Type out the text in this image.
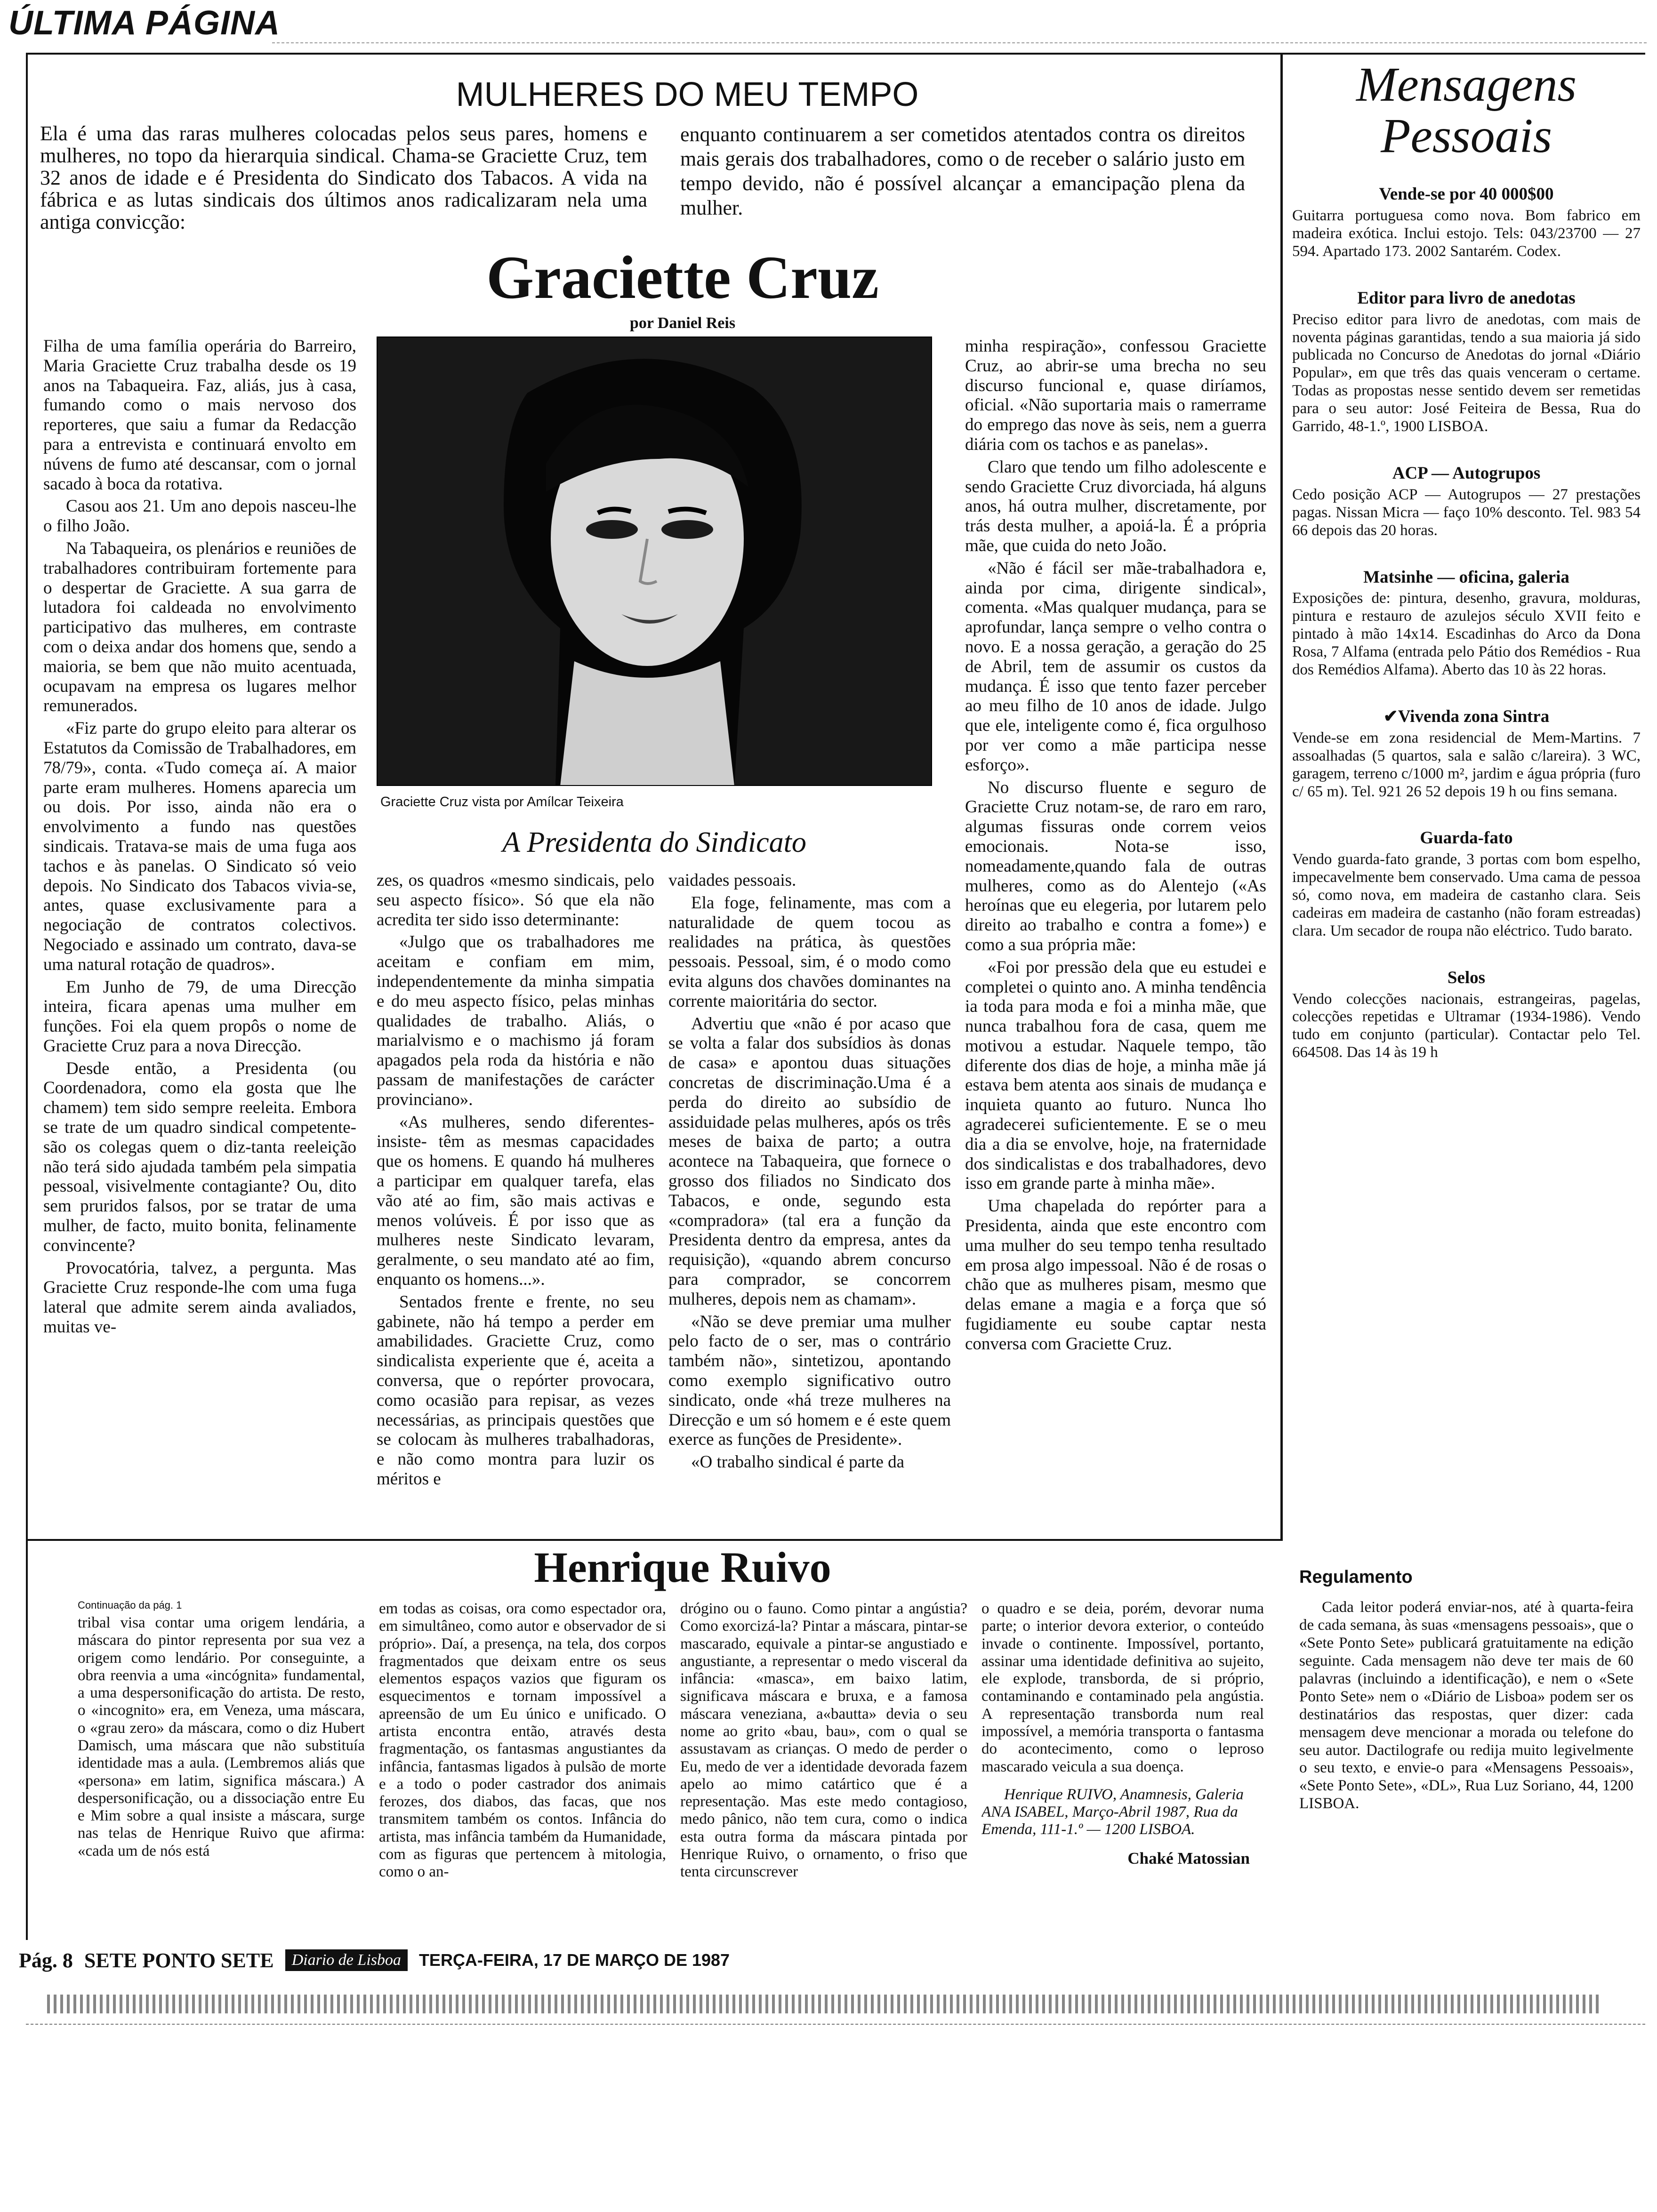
ÚLTIMA PÁGINA
MULHERES DO MEU TEMPO
Ela é uma das raras mulheres colocadas pelos seus pares, homens e mulheres, no topo da hierarquia sindical. Chama-se Graciette Cruz, tem 32 anos de idade e é Presidenta do Sindicato dos Tabacos. A vida na fábrica e as lutas sindicais dos últimos anos radicalizaram nela uma antiga convicção:
enquanto continuarem a ser cometidos atentados contra os direitos mais gerais dos trabalhadores, como o de receber o salário justo em tempo devido, não é possível alcançar a emancipação plena da mulher.
Graciette Cruz
por Daniel Reis
Graciette Cruz vista por Amílcar Teixeira
A Presidenta do Sindicato

Filha de uma família operária do Barreiro, Maria Graciette Cruz trabalha desde os 19 anos na Tabaqueira. Faz, aliás, jus à casa, fumando como o mais nervoso dos reporteres, que saiu a fumar da Redacção para a entrevista e continuará envolto em núvens de fumo até descansar, com o jornal sacado à boca da rotativa.

Casou aos 21. Um ano depois nasceu-lhe o filho João.

Na Tabaqueira, os plenários e reuniões de trabalhadores contribuiram fortemente para o despertar de Graciette. A sua garra de lutadora foi caldeada no envolvimento participativo das mulheres, em contraste com o deixa andar dos homens que, sendo a maioria, se bem que não muito acentuada, ocupavam na empresa os lugares melhor remunerados.

«Fiz parte do grupo eleito para alterar os Estatutos da Comissão de Trabalhadores, em 78/79», conta. «Tudo começa aí. A maior parte eram mulheres. Homens aparecia um ou dois. Por isso, ainda não era o envolvimento a fundo nas questões sindicais. Tratava-se mais de uma fuga aos tachos e às panelas. O Sindicato só veio depois. No Sindicato dos Tabacos vivia-se, antes, quase exclusivamente para a negociação de contratos colectivos. Negociado e assinado um contrato, dava-se uma natural rotação de quadros».

Em Junho de 79, de uma Direcção inteira, ficara apenas uma mulher em funções. Foi ela quem propôs o nome de Graciette Cruz para a nova Direcção.

Desde então, a Presidenta (ou Coordenadora, como ela gosta que lhe chamem) tem sido sempre reeleita. Embora se trate de um quadro sindical competente-são os colegas quem o diz-tanta reeleição não terá sido ajudada também pela simpatia pessoal, visivelmente contagiante? Ou, dito sem pruridos falsos, por se tratar de uma mulher, de facto, muito bonita, felinamente convincente?

Provocatória, talvez, a pergunta. Mas Graciette Cruz responde-lhe com uma fuga lateral que admite serem ainda avaliados, muitas ve-

zes, os quadros «mesmo sindicais, pelo seu aspecto físico». Só que ela não acredita ter sido isso determinante:

«Julgo que os trabalhadores me aceitam e confiam em mim, independentemente da minha simpatia e do meu aspecto físico, pelas minhas qualidades de trabalho. Aliás, o marialvismo e o machismo já foram apagados pela roda da história e não passam de manifestações de carácter provinciano».

«As mulheres, sendo diferentes-insiste- têm as mesmas capacidades que os homens. E quando há mulheres a participar em qualquer tarefa, elas vão até ao fim, são mais activas e menos volúveis. É por isso que as mulheres neste Sindicato levaram, geralmente, o seu mandato até ao fim, enquanto os homens...».

Sentados frente e frente, no seu gabinete, não há tempo a perder em amabilidades. Graciette Cruz, como sindicalista experiente que é, aceita a conversa, que o repórter provocara, como ocasião para repisar, as vezes necessárias, as principais questões que se colocam às mulheres trabalhadoras, e não como montra para luzir os méritos e

vaidades pessoais.

Ela foge, felinamente, mas com a naturalidade de quem tocou as realidades na prática, às questões pessoais. Pessoal, sim, é o modo como evita alguns dos chavões dominantes na corrente maioritária do sector.

Advertiu que «não é por acaso que se volta a falar dos subsídios às donas de casa» e apontou duas situações concretas de discriminação.Uma é a perda do direito ao subsídio de assiduidade pelas mulheres, após os três meses de baixa de parto; a outra acontece na Tabaqueira, que fornece o grosso dos filiados no Sindicato dos Tabacos, e onde, segundo esta «compradora» (tal era a função da Presidenta dentro da empresa, antes da requisição), «quando abrem concurso para comprador, se concorrem mulheres, depois nem as chamam».

«Não se deve premiar uma mulher pelo facto de o ser, mas o contrário também não», sintetizou, apontando como exemplo significativo outro sindicato, onde «há treze mulheres na Direcção e um só homem e é este quem exerce as funções de Presidente».

«O trabalho sindical é parte da

minha respiração», confessou Graciette Cruz, ao abrir-se uma brecha no seu discurso funcional e, quase diríamos, oficial. «Não suportaria mais o ramerrame do emprego das nove às seis, nem a guerra diária com os tachos e as panelas».

Claro que tendo um filho adolescente e sendo Graciette Cruz divorciada, há alguns anos, há outra mulher, discretamente, por trás desta mulher, a apoiá-la. É a própria mãe, que cuida do neto João.

«Não é fácil ser mãe-trabalhadora e, ainda por cima, dirigente sindical», comenta. «Mas qualquer mudança, para se aprofundar, lança sempre o velho contra o novo. E a nossa geração, a geração do 25 de Abril, tem de assumir os custos da mudança. É isso que tento fazer perceber ao meu filho de 10 anos de idade. Julgo que ele, inteligente como é, fica orgulhoso por ver como a mãe participa nesse esforço».

No discurso fluente e seguro de Graciette Cruz notam-se, de raro em raro, algumas fissuras onde correm veios emocionais. Nota-se isso, nomeadamente,quando fala de outras mulheres, como as do Alentejo («As heroínas que eu elegeria, por lutarem pelo direito ao trabalho e contra a fome») e como a sua própria mãe:

«Foi por pressão dela que eu estudei e completei o quinto ano. A minha tendência ia toda para moda e foi a minha mãe, que nunca trabalhou fora de casa, quem me motivou a estudar. Naquele tempo, tão diferente dos dias de hoje, a minha mãe já estava bem atenta aos sinais de mudança e inquieta quanto ao futuro. Nunca lho agradecerei suficientemente. E se o meu dia a dia se envolve, hoje, na fraternidade dos sindicalistas e dos trabalhadores, devo isso em grande parte à minha mãe».

Uma chapelada do repórter para a Presidenta, ainda que este encontro com uma mulher do seu tempo tenha resultado em prosa algo impessoal. Não é de rosas o chão que as mulheres pisam, mesmo que delas emane a magia e a força que só fugidiamente eu soube captar nesta conversa com Graciette Cruz.

Mensagens
Pessoais
Vende-se por 40 000$00
Guitarra portuguesa como nova. Bom fabrico em madeira exótica. Inclui estojo. Tels: 043/23700 — 27 594. Apartado 173. 2002 Santarém. Codex.
Editor para livro de anedotas
Preciso editor para livro de anedotas, com mais de noventa páginas garantidas, tendo a sua maioria já sido publicada no Concurso de Anedotas do jornal «Diário Popular», em que três das quais venceram o certame. Todas as propostas nesse sentido devem ser remetidas para o seu autor: José Feiteira de Bessa, Rua do Garrido, 48-1.º, 1900 LISBOA.
ACP — Autogrupos
Cedo posição ACP — Autogrupos — 27 prestações pagas. Nissan Micra — faço 10% desconto. Tel. 983 54 66 depois das 20 horas.
Matsinhe — oficina, galeria
Exposições de: pintura, desenho, gravura, molduras, pintura e restauro de azulejos século XVII feito e pintado à mão 14x14. Escadinhas do Arco da Dona Rosa, 7 Alfama (entrada pelo Pátio dos Remédios - Rua dos Remédios Alfama). Aberto das 10 às 22 horas.
✔Vivenda zona Sintra
Vende-se em zona residencial de Mem-Martins. 7 assoalhadas (5 quartos, sala e salão c/lareira). 3 WC, garagem, terreno c/1000 m², jardim e água própria (furo c/ 65 m). Tel. 921 26 52 depois 19 h ou fins semana.
Guarda-fato
Vendo guarda-fato grande, 3 portas com bom espelho, impecavelmente bem conservado. Uma cama de pessoa só, como nova, em madeira de castanho clara. Seis cadeiras em madeira de castanho (não foram estreadas) clara. Um secador de roupa não eléctrico. Tudo barato.
Selos
Vendo colecções nacionais, estrangeiras, pagelas, colecções repetidas e Ultramar (1934-1986). Vendo tudo em conjunto (particular). Contactar pelo Tel. 664508. Das 14 às 19 h
Regulamento
Cada leitor poderá enviar-nos, até à quarta-feira de cada semana, às suas «mensagens pessoais», que o «Sete Ponto Sete» publicará gratuitamente na edição seguinte. Cada mensagem não deve ter mais de 60 palavras (incluindo a identificação), e nem o «Sete Ponto Sete» nem o «Diário de Lisboa» podem ser os destinatários das respostas, quer dizer: cada mensagem deve mencionar a morada ou telefone do seu autor. Dactilografe ou redija muito legivelmente o seu texto, e envie-o para «Mensagens Pessoais», «Sete Ponto Sete», «DL», Rua Luz Soriano, 44, 1200 LISBOA.
Henrique Ruivo
Continuação da pág. 1
tribal visa contar uma origem lendária, a máscara do pintor representa por sua vez a origem como lendário. Por conseguinte, a obra reenvia a uma «incógnita» fundamental, a uma despersonificação do artista. De resto, o «incognito» era, em Veneza, uma máscara, o «grau zero» da máscara, como o diz Hubert Damisch, uma máscara que não substituía identidade mas a aula. (Lembremos aliás que «persona» em latim, significa máscara.) A despersonificação, ou a dissociação entre Eu e Mim sobre a qual insiste a máscara, surge nas telas de Henrique Ruivo que afirma: «cada um de nós está
em todas as coisas, ora como espectador ora, em simultâneo, como autor e observador de si próprio». Daí, a presença, na tela, dos corpos fragmentados que deixam entre os seus elementos espaços vazios que figuram os esquecimentos e tornam impossível a apreensão de um Eu único e unificado. O artista encontra então, através desta fragmentação, os fantasmas angustiantes da infância, fantasmas ligados à pulsão de morte e a todo o poder castrador dos animais ferozes, dos diabos, das facas, que nos transmitem também os contos. Infância do artista, mas infância também da Humanidade, com as figuras que pertencem à mitologia, como o an-
drógino ou o fauno. Como pintar a angústia? Como exorcizá-la? Pintar a máscara, pintar-se mascarado, equivale a pintar-se angustiado e angustiante, a representar o medo visceral da infância: «masca», em baixo latim, significava máscara e bruxa, e a famosa máscara veneziana, a«bautta» devia o seu nome ao grito «bau, bau», com o qual se assustavam as crianças. O medo de perder o Eu, medo de ver a identidade devorada fazem apelo ao mimo catártico que é a representação. Mas este medo contagioso, medo pânico, não tem cura, como o indica esta outra forma da máscara pintada por Henrique Ruivo, o ornamento, o friso que tenta circunscrever
o quadro e se deia, porém, devorar numa parte; o interior devora exterior, o conteúdo invade o continente. Impossível, portanto, assinar uma identidade definitiva ao sujeito, ele explode, transborda, de si próprio, contaminando e contaminado pela angústia. A representação transborda num real impossível, a memória transporta o fantasma do acontecimento, como o leproso mascarado veicula a sua doença.
Henrique RUIVO, Anamnesis, Galeria ANA ISABEL, Março-Abril 1987, Rua da Emenda, 111-1.º — 1200 LISBOA.
Chaké Matossian
Pág. 8 SETE PONTO SETE	Diario de Lisboa	TERÇA-FEIRA, 17 DE MARÇO DE 1987
